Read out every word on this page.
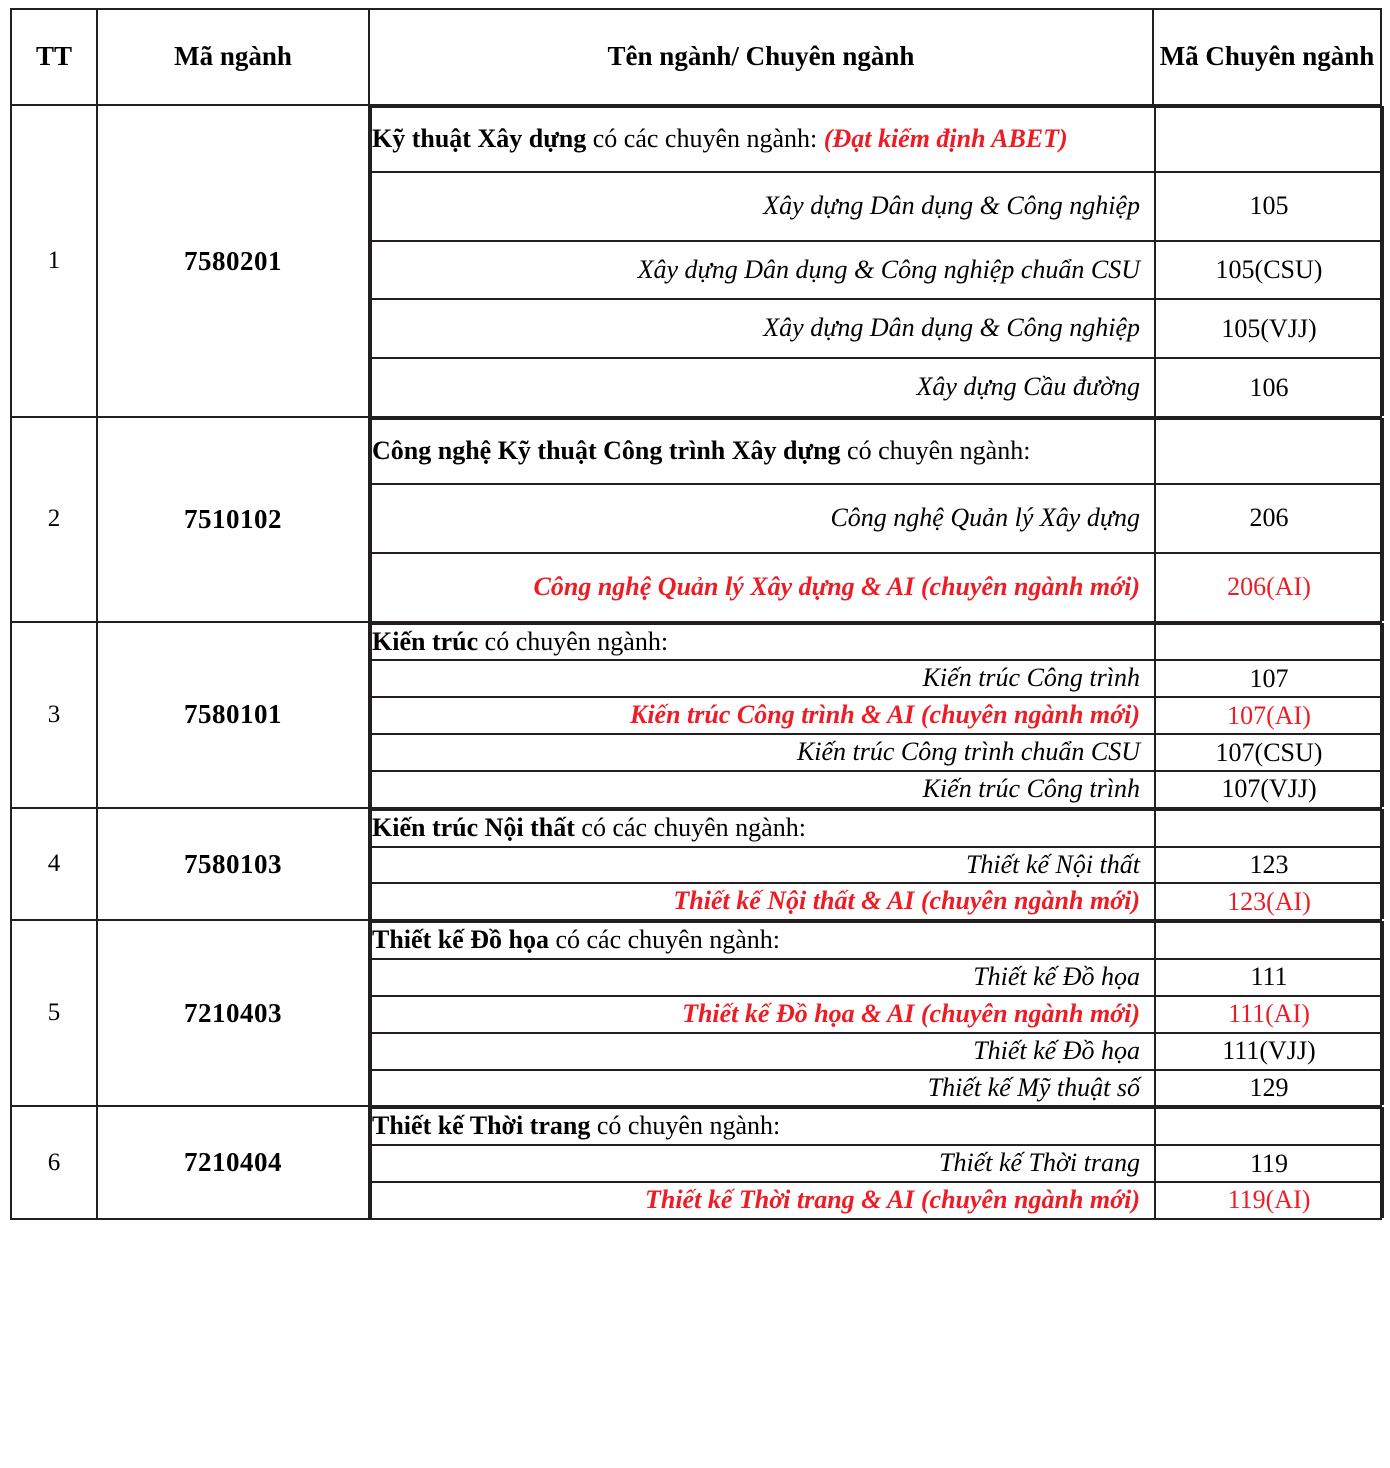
TT	Mã ngành	Tên ngành/ Chuyên ngành	Mã Chuyên ngành
1	7580201	
Kỹ thuật Xây dựng có các chuyên ngành: (Đạt kiểm định ABET)	
Xây dựng Dân dụng & Công nghiệp	105
Xây dựng Dân dụng & Công nghiệp chuẩn CSU	105(CSU)
Xây dựng Dân dụng & Công nghiệp	105(VJJ)
Xây dựng Cầu đường	106

2	7510102	
Công nghệ Kỹ thuật Công trình Xây dựng có chuyên ngành:	
Công nghệ Quản lý Xây dựng	206
Công nghệ Quản lý Xây dựng & AI (chuyên ngành mới)	206(AI)

3	7580101	
Kiến trúc có chuyên ngành:	
Kiến trúc Công trình	107
Kiến trúc Công trình & AI (chuyên ngành mới)	107(AI)
Kiến trúc Công trình chuẩn CSU	107(CSU)
Kiến trúc Công trình	107(VJJ)

4	7580103	
Kiến trúc Nội thất có các chuyên ngành:	
Thiết kế Nội thất	123
Thiết kế Nội thất & AI (chuyên ngành mới)	123(AI)

5	7210403	
Thiết kế Đồ họa có các chuyên ngành:	
Thiết kế Đồ họa	111
Thiết kế Đồ họa & AI (chuyên ngành mới)	111(AI)
Thiết kế Đồ họa	111(VJJ)
Thiết kế Mỹ thuật số	129

6	7210404	
Thiết kế Thời trang có chuyên ngành:	
Thiết kế Thời trang	119
Thiết kế Thời trang & AI (chuyên ngành mới)	119(AI)
